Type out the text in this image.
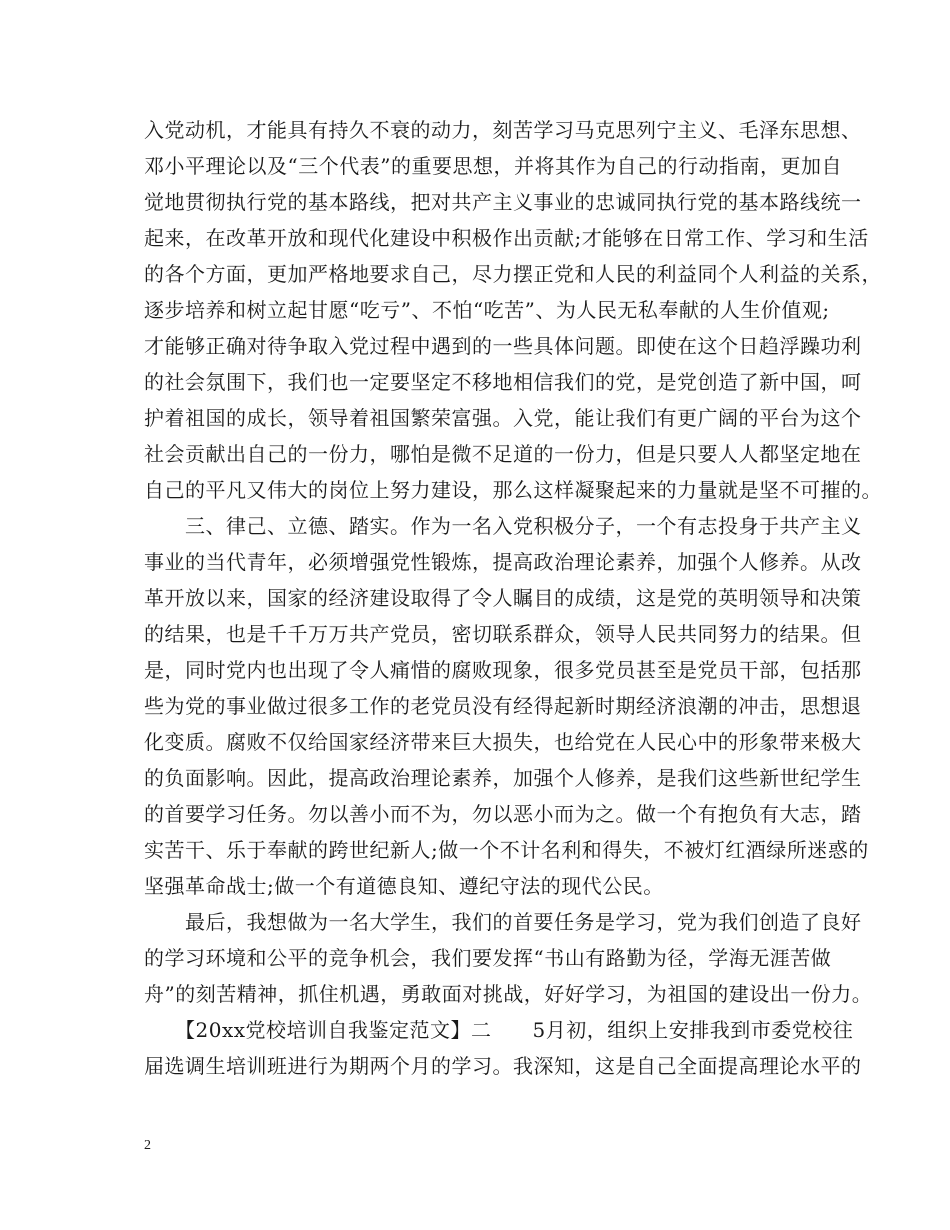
入党动机，才能具有持久不衰的动力，刻苦学习马克思列宁主义、毛泽东思想、
邓小平理论以及“三个代表”的重要思想，并将其作为自己的行动指南，更加自
觉地贯彻执行党的基本路线，把对共产主义事业的忠诚同执行党的基本路线统一
起来，在改革开放和现代化建设中积极作出贡献;才能够在日常工作、学习和生活
的各个方面，更加严格地要求自己，尽力摆正党和人民的利益同个人利益的关系，
逐步培养和树立起甘愿“吃亏”、不怕“吃苦”、为人民无私奉献的人生价值观;
才能够正确对待争取入党过程中遇到的一些具体问题。即使在这个日趋浮躁功利
的社会氛围下，我们也一定要坚定不移地相信我们的党，是党创造了新中国，呵
护着祖国的成长，领导着祖国繁荣富强。入党，能让我们有更广阔的平台为这个
社会贡献出自己的一份力，哪怕是微不足道的一份力，但是只要人人都坚定地在
自己的平凡又伟大的岗位上努力建设，那么这样凝聚起来的力量就是坚不可摧的。
　　三、律己、立德、踏实。作为一名入党积极分子，一个有志投身于共产主义
事业的当代青年，必须增强党性锻炼，提高政治理论素养，加强个人修养。从改
革开放以来，国家的经济建设取得了令人瞩目的成绩，这是党的英明领导和决策
的结果，也是千千万万共产党员，密切联系群众，领导人民共同努力的结果。但
是，同时党内也出现了令人痛惜的腐败现象，很多党员甚至是党员干部，包括那
些为党的事业做过很多工作的老党员没有经得起新时期经济浪潮的冲击，思想退
化变质。腐败不仅给国家经济带来巨大损失，也给党在人民心中的形象带来极大
的负面影响。因此，提高政治理论素养，加强个人修养，是我们这些新世纪学生
的首要学习任务。勿以善小而不为，勿以恶小而为之。做一个有抱负有大志，踏
实苦干、乐于奉献的跨世纪新人;做一个不计名利和得失，不被灯红酒绿所迷惑的
坚强革命战士;做一个有道德良知、遵纪守法的现代公民。
　　最后，我想做为一名大学生，我们的首要任务是学习，党为我们创造了良好
的学习环境和公平的竞争机会，我们要发挥“书山有路勤为径，学海无涯苦做
舟”的刻苦精神，抓住机遇，勇敢面对挑战，好好学习，为祖国的建设出一份力。
　　【20xx党校培训自我鉴定范文】二　　5月初，组织上安排我到市委党校往
届选调生培训班进行为期两个月的学习。我深知，这是自己全面提高理论水平的
2
